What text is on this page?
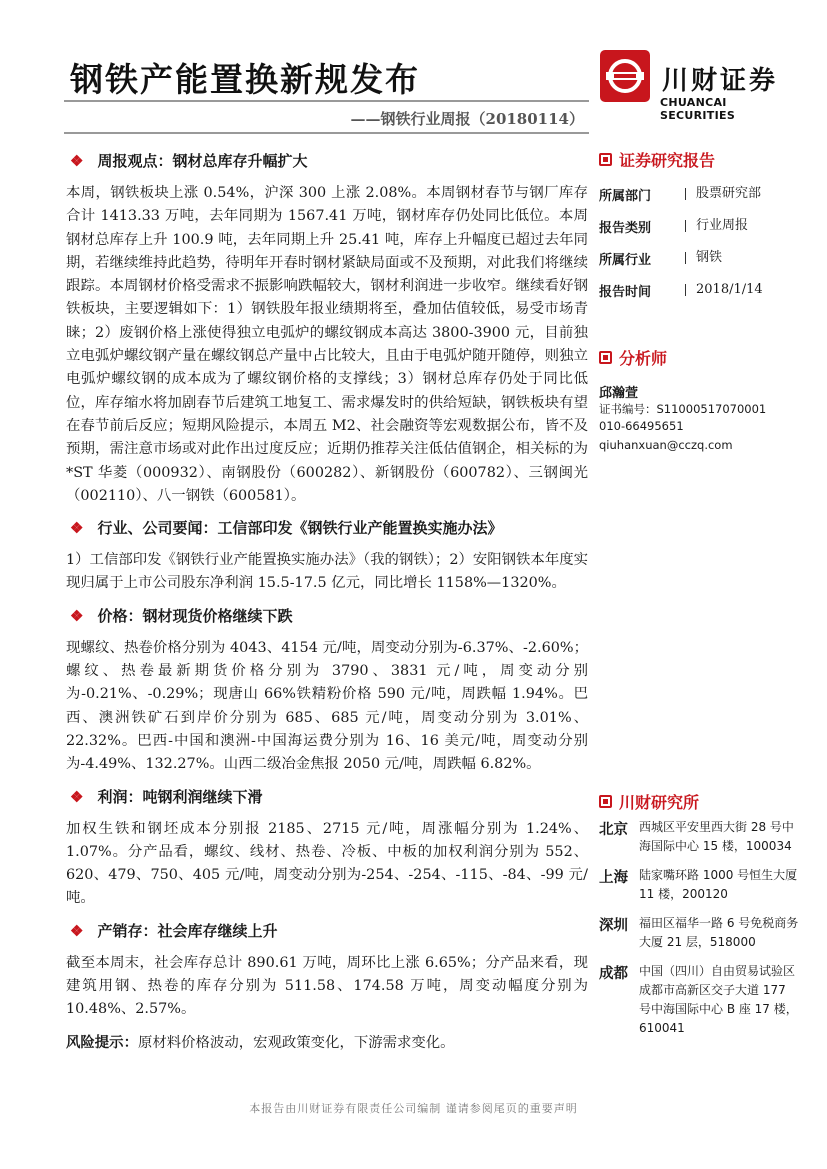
钢铁产能置换新规发布
——钢铁行业周报（20180114）
川财证券
CHUANCAI SECURITIES
❖ 周报观点：钢材总库存升幅扩大
本周，钢铁板块上涨 0.54%，沪深 300 上涨 2.08%。本周钢材春节与钢厂库存合计 1413.33 万吨，去年同期为 1567.41 万吨，钢材库存仍处同比低位。本周钢材总库存上升 100.9 吨，去年同期上升 25.41 吨，库存上升幅度已超过去年同期，若继续维持此趋势，待明年开春时钢材紧缺局面或不及预期，对此我们将继续跟踪。本周钢材价格受需求不振影响跌幅较大，钢材利润进一步收窄。继续看好钢铁板块，主要逻辑如下：1）钢铁股年报业绩期将至，叠加估值较低，易受市场青睐；2）废钢价格上涨使得独立电弧炉的螺纹钢成本高达 3800-3900 元，目前独立电弧炉螺纹钢产量在螺纹钢总产量中占比较大，且由于电弧炉随开随停，则独立电弧炉螺纹钢的成本成为了螺纹钢价格的支撑线；3）钢材总库存仍处于同比低位，库存缩水将加剧春节后建筑工地复工、需求爆发时的供给短缺，钢铁板块有望在春节前后反应；短期风险提示，本周五 M2、社会融资等宏观数据公布，皆不及预期，需注意市场或对此作出过度反应；近期仍推荐关注低估值钢企，相关标的为*ST 华菱（000932）、南钢股份（600282）、新钢股份（600782）、三钢闽光（002110）、八一钢铁（600581）。
❖ 行业、公司要闻：工信部印发《钢铁行业产能置换实施办法》
1）工信部印发《钢铁行业产能置换实施办法》（我的钢铁）；2）安阳钢铁本年度实现归属于上市公司股东净利润 15.5-17.5 亿元，同比增长 1158%—1320%。
❖ 价格：钢材现货价格继续下跌
现螺纹、热卷价格分别为 4043、4154 元/吨，周变动分别为-6.37%、-2.60%；螺纹、热卷最新期货价格分别为 3790、3831 元/吨，周变动分别为-0.21%、-0.29%；现唐山 66%铁精粉价格 590 元/吨，周跌幅 1.94%。巴西、澳洲铁矿石到岸价分别为 685、685 元/吨，周变动分别为 3.01%、22.32%。巴西-中国和澳洲-中国海运费分别为 16、16 美元/吨，周变动分别为-4.49%、132.27%。山西二级冶金焦报 2050 元/吨，周跌幅 6.82%。
❖ 利润：吨钢利润继续下滑
加权生铁和钢坯成本分别报 2185、2715 元/吨，周涨幅分别为 1.24%、1.07%。分产品看，螺纹、线材、热卷、冷板、中板的加权利润分别为 552、620、479、750、405 元/吨，周变动分别为-254、-254、-115、-84、-99 元/吨。
❖ 产销存：社会库存继续上升
截至本周末，社会库存总计 890.61 万吨，周环比上涨 6.65%；分产品来看，现建筑用钢、热卷的库存分别为 511.58、174.58 万吨，周变动幅度分别为 10.48%、2.57%。
风险提示：原材料价格波动，宏观政策变化，下游需求变化。
证券研究报告
所属部门	股票研究部
报告类别	行业周报
所属行业	钢铁
报告时间	2018/1/14
分析师
邱瀚萱
证书编号：S11000517070001
010-66495651
qiuhanxuan@cczq.com
川财研究所
北京 西城区平安里西大街 28 号中海国际中心 15 楼，100034
上海 陆家嘴环路 1000 号恒生大厦 11 楼，200120
深圳 福田区福华一路 6 号免税商务大厦 21 层，518000
成都 中国（四川）自由贸易试验区成都市高新区交子大道 177 号中海国际中心 B 座 17 楼，610041
本报告由川财证券有限责任公司编制 谨请参阅尾页的重要声明
